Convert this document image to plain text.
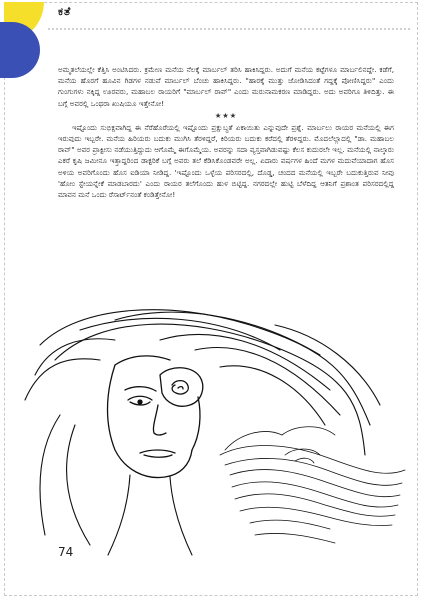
ಕತೆ

ಅಮ್ಮತಲೆಯಲ್ಲೇ ಕೆತ್ತಿಸಿ ಅಂಟಿಸಿದರು. ಕ್ರಮೇಣ ಮನೆಯ ನೆಲಕ್ಕೆ ಮಾರ್ಬಲ್ ತರಿಸಿ ಹಾಕಿಸಿದ್ದರು. ಅದುಗೆ ಮನೆಯ ಕಟ್ಟೆಗಳೂ ಮಾರ್ಬಲಿನದ್ದೇ. ಕಡೆಗೆ, ಮನೆಯ ಹೊರಗೆ ಹೂವಿನ ಗಿಡಗಳ ನಡುವೆ ಮಾರ್ಬಲ್ ಬೆಂಚು ಹಾಕಿಸಿದ್ದರು. "ಹಾರಕ್ಕೆ ಮುತ್ತು ಜೋಡಿಸಿದಂತೆ ಗದ್ದಕ್ಕೆ ಪೋಣಿಸಿದ್ದರು" ಎಂದು ಗುಂಗುಗಳು ನಕ್ಕಿದ್ದ ಊರವರು, ಮಹಾಬಲ ರಾಯರಿಗೆ "ಮಾರ್ಬಲ್ ರಾವ್" ಎಂದು ಮರುನಾಮಕರಣ ಮಾಡಿದ್ದರು. ಅದು ಅವರಿಗೂ ತಿಳಿದಿತ್ತು. ಈ ಬಗ್ಗೆ ಅವರಲ್ಲಿ ಒಂಥರಾ ಖುಷಿಯೂ ಇತ್ತೇನೋ!

★★★

ಇಷ್ಟೊಂದು ಸುಭಿಕ್ಷವಾಗಿದ್ದ ಈ ನೆರೆಹೊರೆಯಲ್ಲಿ ಇಷ್ಟೊಂದು ಪ್ರಕ್ಷುಬ್ಧತೆ ಏಕಾಯಿತು ಎನ್ನುವುದೇ ಪ್ರಶ್ನೆ. ಮಾರ್ಬಲು ರಾಯರ ಮನೆಯಲ್ಲಿ ಈಗ ಇರುವುದು ಇಬ್ಬರೇ. ಮನೆಯ ಹಿರಿಯರು ಬದುಕು ಮುಗಿಸಿ ತೆರಳಿದ್ದರೆ, ಕಿರಿಯರು ಬದುಕು ಕರೆದಲ್ಲಿ ತೆರಳಿದ್ದರು. ಮೊದಲೆಲ್ಲಾದಲ್ಲಿ "ಡಾ. ಮಹಾಬಲ ರಾವ್" ಅವರ ಪ್ರಾಕ್ಟೀಸು ನಡೆಯುತ್ತಿದ್ದುದು ಆಗೊಮ್ಮೆ ಈಗೊಮ್ಮೆಯ. ಅವರನ್ನು ಸದಾ ವ್ಯಸ್ತವಾಗಿಡುವಷ್ಟು ಕೆಲಸ ಕುದುರಲೇ ಇಲ್ಲ. ಮನೆಯಲ್ಲಿ ನಾಲ್ಕಾರು ಎಕರೆ ಕೃಷಿ ಜಮೀನೂ ಇತ್ತಾದ್ದರಿಂದ ಡಾಕ್ಟರಿಕೆ ಬಗ್ಗೆ ಅವರು ತಲೆ ಕೆಡಿಸಿಕೊಂಡವರೇ ಅಲ್ಲ. ಏದಾರು ವರ್ಷಗಳ ಹಿಂದೆ ಮಗಳ ಮದುವೆಯಾದಾಗ ಹೊಸ ಅಳಿಯ ಅವರಿಗೊಂದು ಹೊಸ ಐಡಿಯಾ ನೀಡಿದ್ದ. 'ಇಷ್ಟೊಂದು ಒಳ್ಳೆಯ ಪರಿಸರದಲ್ಲಿ, ದೊಡ್ಡ, ಚಂದದ ಮನೆಯಲ್ಲಿ ಇಬ್ಬರೇ ಬದುಕುತ್ತಿರುವ ನೀವು 'ಹೋಂ ಸ್ಟೇಯನ್ನೇಕೆ ಮಾಡಬಾರದು' ಎಂದು ರಾಯರ ತಲೆಗೊಂದು ಹುಳ ಬಿಟ್ಟಿದ್ದ. ನಗರದಲ್ಲೇ ಹುಟ್ಟಿ ಬೆಳೆದಿದ್ದ ಆತನಿಗೆ ಪ್ರಶಾಂತ ಪರಿಸರದಲ್ಲಿದ್ದ ಮಾವನ ಮನೆ ಒಂದು ರೆಸಾರ್ಟ್‌ನಂತೆ ಕಂಡಿತ್ತೇನೋ!

74
